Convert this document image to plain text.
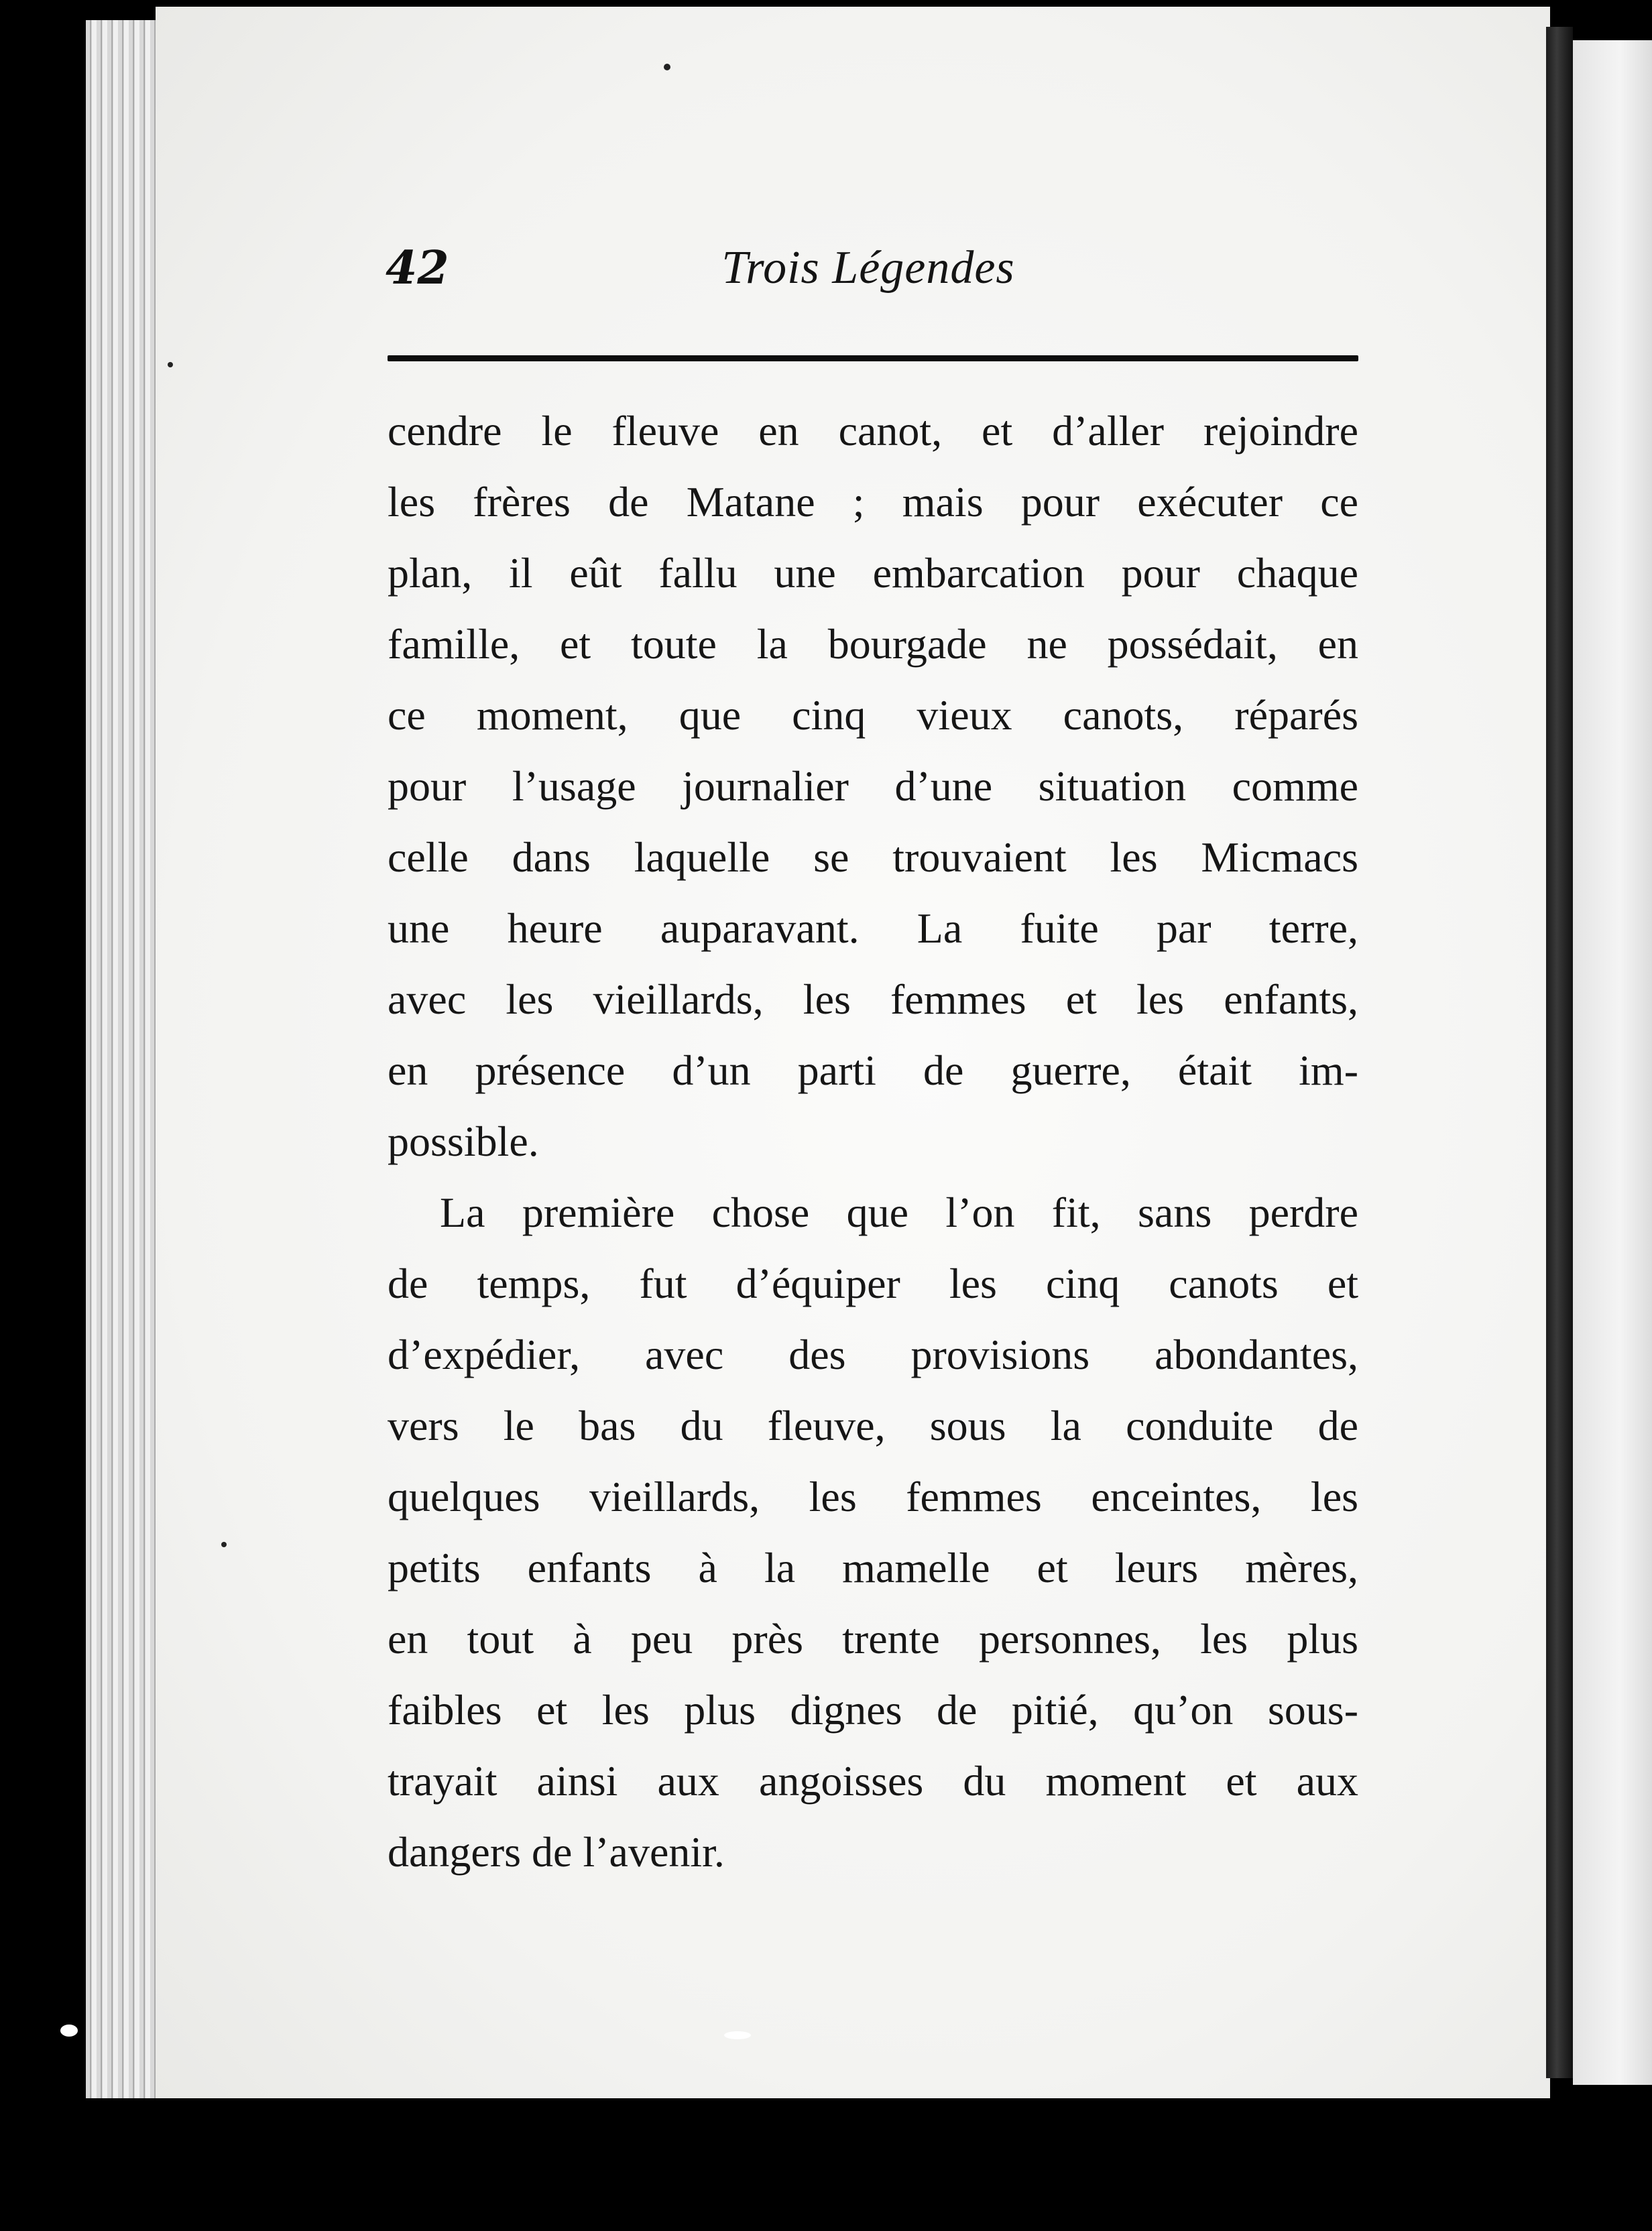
42	Trois Légendes
cendre le fleuve en canot, et d’aller rejoindre
les frères de Matane ; mais pour exécuter ce
plan, il eût fallu une embarcation pour chaque
famille, et toute la bourgade ne possédait, en
ce moment, que cinq vieux canots, réparés
pour l’usage journalier d’une situation comme
celle dans laquelle se trouvaient les Micmacs
une heure auparavant. La fuite par terre,
avec les vieillards, les femmes et les enfants,
en présence d’un parti de guerre, était im-
possible.
La première chose que l’on fit, sans perdre
de temps, fut d’équiper les cinq canots et
d’expédier, avec des provisions abondantes,
vers le bas du fleuve, sous la conduite de
quelques vieillards, les femmes enceintes, les
petits enfants à la mamelle et leurs mères,
en tout à peu près trente personnes, les plus
faibles et les plus dignes de pitié, qu’on sous-
trayait ainsi aux angoisses du moment et aux
dangers de l’avenir.
